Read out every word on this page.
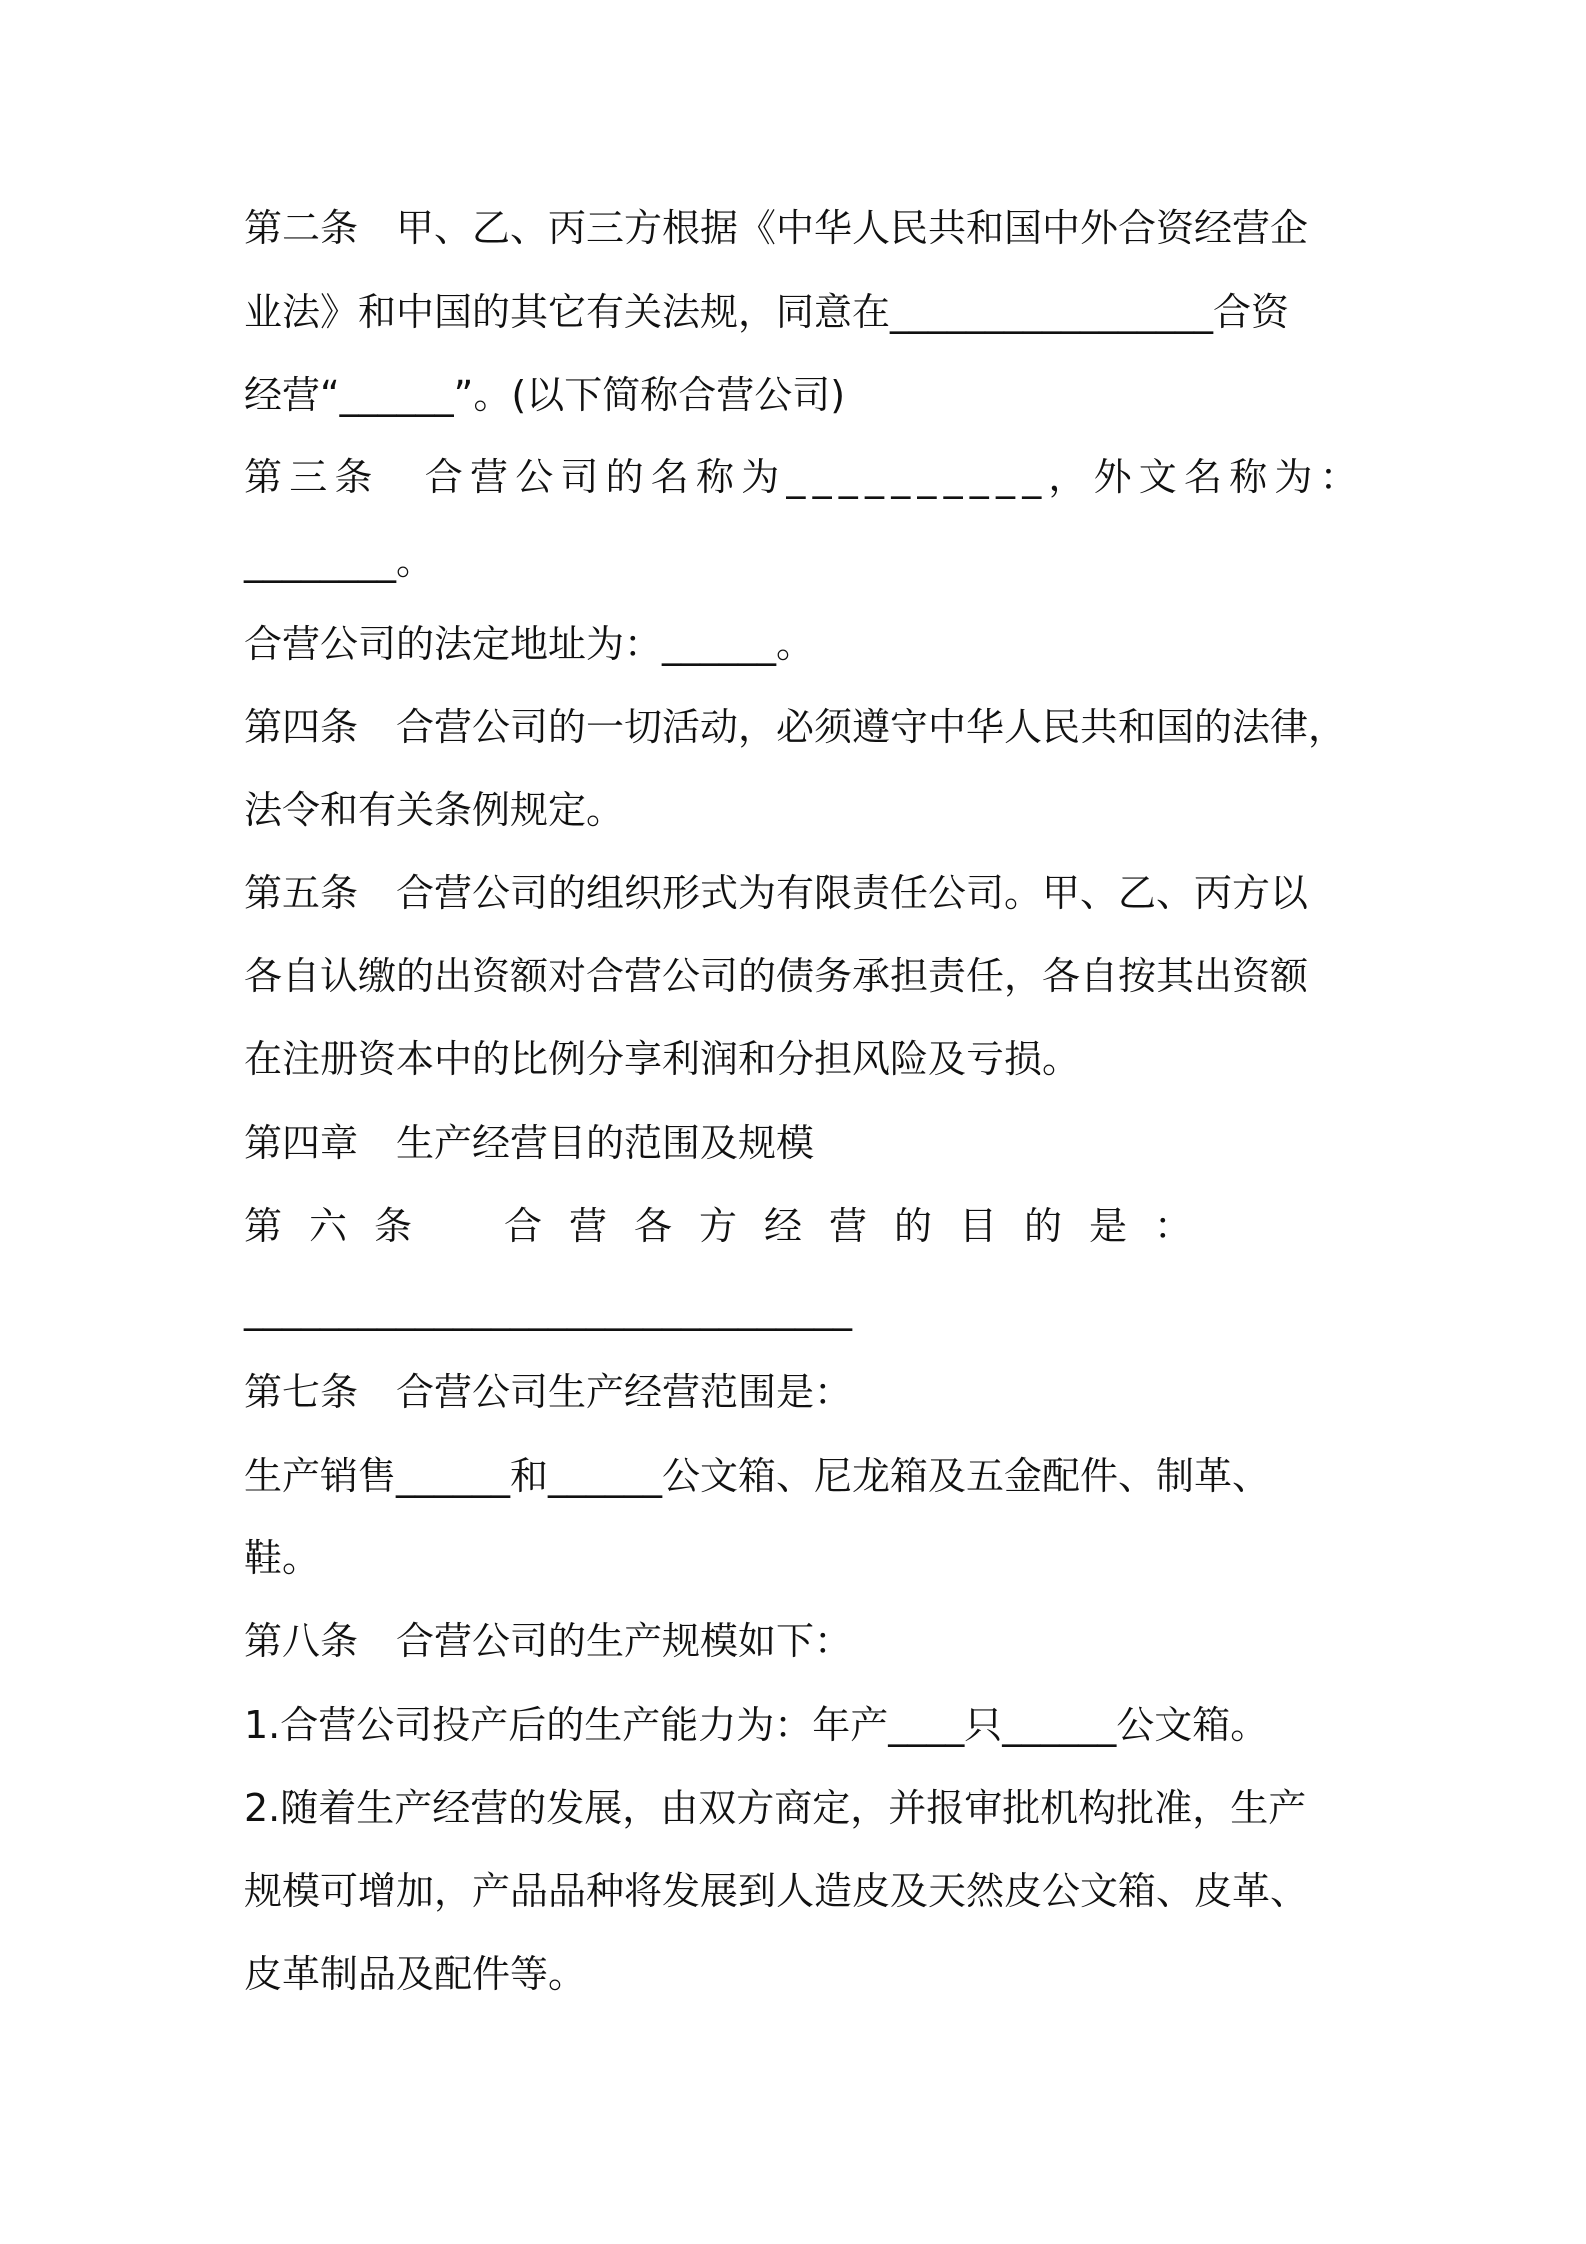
第二条　甲、乙、丙三方根据《中华人民共和国中外合资经营企
业法》和中国的其它有关法规，同意在_________________合资
经营“______”。(以下简称合营公司)
第三条　合营公司的名称为__________，外文名称为：
________。
合营公司的法定地址为：______。
第四条　合营公司的一切活动，必须遵守中华人民共和国的法律，
法令和有关条例规定。
第五条　合营公司的组织形式为有限责任公司。甲、乙、丙方以
各自认缴的出资额对合营公司的债务承担责任，各自按其出资额
在注册资本中的比例分享利润和分担风险及亏损。
第四章　生产经营目的范围及规模
第六条　合营各方经营的目的是：
________________________________
第七条　合营公司生产经营范围是：
生产销售______和______公文箱、尼龙箱及五金配件、制革、
鞋。
第八条　合营公司的生产规模如下：
1.合营公司投产后的生产能力为：年产____只______公文箱。
2.随着生产经营的发展，由双方商定，并报审批机构批准，生产
规模可增加，产品品种将发展到人造皮及天然皮公文箱、皮革、
皮革制品及配件等。
